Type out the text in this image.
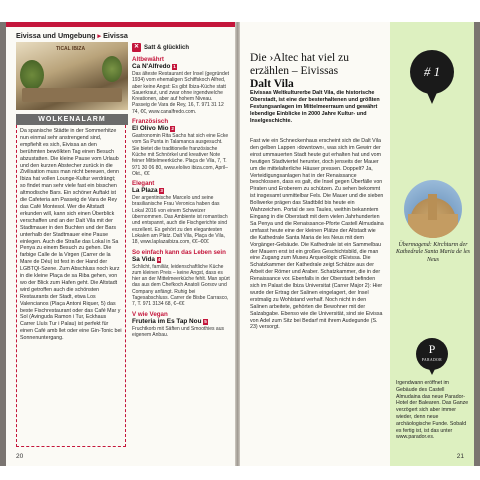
Eivissa und Umgebung ▸ Eivissa
TICAL IBIZA
WOLKENALARM
Da spanische Städte in der Sommerhitze nun einmal sehr anstrengend sind, empfiehlt es sich, Eivissa an den berühmten bewölkten Tag einen Besuch abzustatten. Die kleine Pause vom Urlaub und den kurzen Abstecher zurück in die Zivilisation muss man nicht bereuen, denn Ibiza hat vollen Lounge-Kultur verdrängt; so findet man sehr viele fast ein bisschen altmodische Bars. Ein schöner Auftakt ist die Cafeteria am Passeig de Vara de Rey das Café Montesol. Wer die Altstadt erkunden will, kann sich einen Überblick verschaffen und an der Dalt Vila mit der Stadtmauer in den Buchten und der Bars unterhalb der Stadtmauer eine Pause einlegen. Auch die Straße das Lokal in Sa Penya zu einem Besuch zu gehen. Die farbige Calle de la Virgen (Carrer de la Mare de Déu) ist fest in der Hand der LGBTQI-Szene. Zum Abschluss noch kurz in die kleine Plaça de sa Riba gehen, von wo der Blick zum Hafen geht. Die Altstadt wird getroffen auch die schönsten Restaurants der Stadt, etwa Los Valencianos (Plaça Antoni Riquer, 5) das beste Fischrestaurant oder das Café Mar y Sol (Avinguda Ramon i Tur, Eckhaus Carrer Lluís Tur i Palau) ist perfekt für einen Café amb llet oder eine Gin-Tonic bei Sonnenuntergang.
✕ Satt & glücklich
Altbewährt
Ca N'Alfredo 1
Das älteste Restaurant der Insel (gegründet 1934) vom ehemaligen Schiffskoch Alfred, aber keine Angst: Es gibt Ibiza-Küche statt Sauerkraut, und zwar ohne irgendwelche Kreationen, aber auf hohem Niveau. Passeig de Vara de Rey, 16, T. 971 31 12 74, €€, www.canalfredo.com.
Französisch
El Olivo Mio 2
Gastronomin Rita Sachs hat sich eine Ecke vom Sa Punta in Talamanca ausgesucht. Sie bietet die traditionelle französische Küche mit Schnörkel und kreativer Note feiner Mittelmeerküche. Plaça de Vila, 7, T. 971 30 06 80, www.elolivo ibiza.com, April–Okt., €€
Elegant
La Plaza 3
Der argentinische Marcelo und seine brasilianische Frau Veronica haben das Lokal 2016 von einem Schweizer übernommen. Das Ambiente ist romantisch und entspannt, auch die Fischgerichte sind exzellent. Es gehört zu den elegantesten Lokalen am Platz. Dalt Vila, Plaça de Vila, 18, www.laplazaibiza.com, €€–€€€
So einfach kann das Leben sein
Sa Vida 4
Schlicht, familiär, leidenschaftliche Küche zum kleinen Preis – keine Angst, dass es hier an der Mittelmeerküche fehlt. Man spürt das aus dem Chefkoch Anatoli Gorsov und Company anfängt. Ruhig bei Tagesabschluss. Carrer de Bisbe Carrasco, 7, T. 971 3134 68, €–€€
V wie Vegan
Fruteria im Es Tap Nou 5
Fruchtkorb mit Säften und Smoothies aus eigenem Anbau.
20
Die ›Altec hat viel zu
erzählen – Eivissas
Dalt Vila
# 1
Eivissas Weltkulturerbe Dalt Vila, die historische Oberstadt, ist eine der besterhaltenen und größten Festungsanlagen im Mittelmeerraum und gewährt lebendige Einblicke in 2000 Jahre Kultur- und Inselgeschichte.
Fast wie ein Schneckenhaus erscheint sich die Dalt Vila den gelben Lappen ›downtown‹, was sich im Gewirr der einst ummauerten Stadt heute gut erhalten hat und vom heutigen Stadtviertel herunter, doch jenseits der Mauer um die mittelalterliche Häuser pressen. Doppelt? Ja, Verteidigungsanlagen hat in der Renaissance beschlossen, dass es galt, die Insel gegen Überfälle von Piraten und Eroberern zu schützen. Zu sehen bekommt ist insgesamt unmittelbar Fels. Die Mauer und die sieben Bollwerke prägen das Stadtbild bis heute ein Wahrzeichen. Portal de ses Taules, weithin bekanntem Eingang in die Oberstadt mit dem vielen Jahrhunderten Sa Penya und die Renaissance-Pforte Castell Almudaina umfasst heute eine der kleinen Plätze der Altstadt wie die Kathedrale Santa Maria de les Neus mit dem Vorgänger-Gebäude. Die Kathedrale ist ein Sammelbau der Mauern erst ist ein großes Geschichtsbild, die man eine Zugang zum Museu Arqueològic d'Eivissa. Die Schatzkammer der Kathedrale zeigt Schätze aus der Arbeit der Römer und Araber. Schatzkammer, die in der Renaissance vor. Ebenfalls in der Oberstadt befinden sich im Palast die Ibiza Universitat (Carrer Major 2): Hier wurde der Ertrag der Salinen eingelagert, der Insel erstmalig zu Wohlstand verhalf. Noch nicht in den Salinen arbeitete, gehörten die Bewohner mit der Salzabgabe. Ebenso wie die Universität, sind sie Eivissa von Adel zum Sitz bei Bedarf mit ihrem Audegunde (S. 23) versorgt.
Übermagend: Kirchturm der Kathedrale Santa Maria de les Neus
P
PARADOR
Irgendwann eröffnet im Gebäude des Castell Almudaina das neue Parador-Hotel der Balearen. Das Ganze verzögert sich aber immer wieder, denn neue archäologische Funde. Sobald es fertig ist, ist das unter www.parador.es.
21
